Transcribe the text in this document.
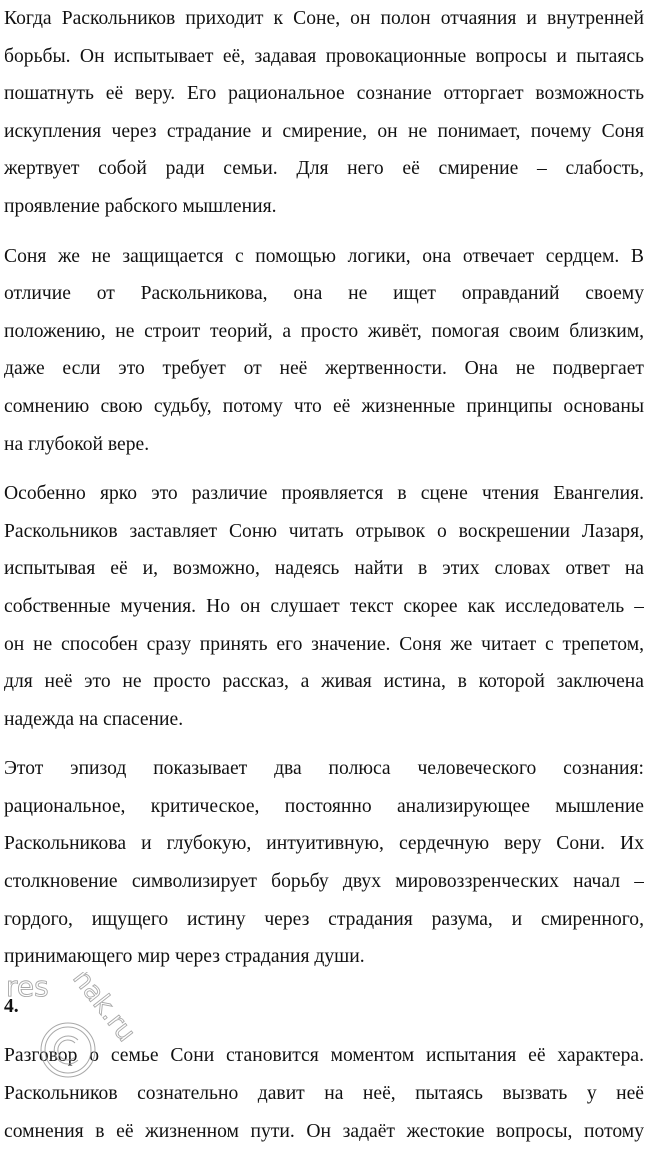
Когда Раскольников приходит к Соне, он полон отчаяния и внутренней
борьбы. Он испытывает её, задавая провокационные вопросы и пытаясь
пошатнуть её веру. Его рациональное сознание отторгает возможность
искупления через страдание и смирение, он не понимает, почему Соня
жертвует собой ради семьи. Для него её смирение – слабость,
проявление рабского мышления.
Соня же не защищается с помощью логики, она отвечает сердцем. В
отличие от Раскольникова, она не ищет оправданий своему
положению, не строит теорий, а просто живёт, помогая своим близким,
даже если это требует от неё жертвенности. Она не подвергает
сомнению свою судьбу, потому что её жизненные принципы основаны
на глубокой вере.
Особенно ярко это различие проявляется в сцене чтения Евангелия.
Раскольников заставляет Соню читать отрывок о воскрешении Лазаря,
испытывая её и, возможно, надеясь найти в этих словах ответ на
собственные мучения. Но он слушает текст скорее как исследователь –
он не способен сразу принять его значение. Соня же читает с трепетом,
для неё это не просто рассказ, а живая истина, в которой заключена
надежда на спасение.
Этот эпизод показывает два полюса человеческого сознания:
рациональное, критическое, постоянно анализирующее мышление
Раскольникова и глубокую, интуитивную, сердечную веру Сони. Их
столкновение символизирует борьбу двух мировоззренческих начал –
гордого, ищущего истину через страдания разума, и смиренного,
принимающего мир через страдания души.
4.
Разговор о семье Сони становится моментом испытания её характера.
Раскольников сознательно давит на неё, пытаясь вызвать у неё
сомнения в её жизненном пути. Он задаёт жестокие вопросы, потому
res hak.ru
